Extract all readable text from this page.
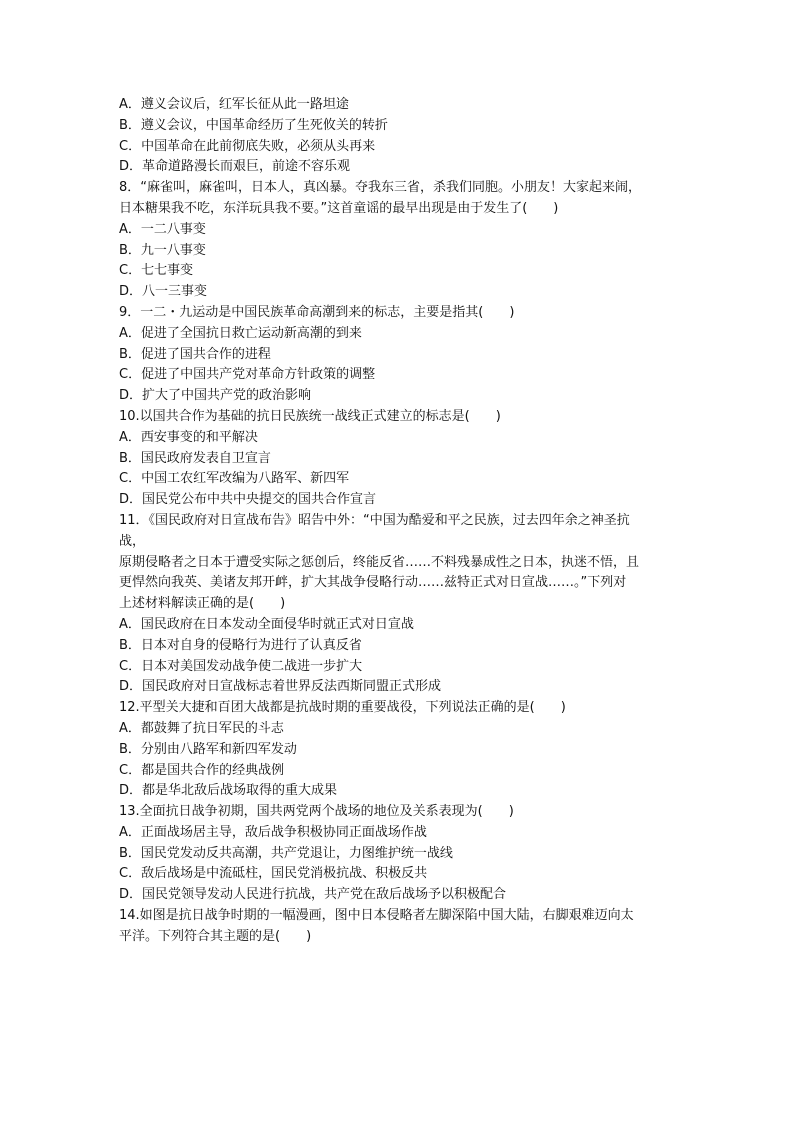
A．遵义会议后，红军长征从此一路坦途
B．遵义会议，中国革命经历了生死攸关的转折
C．中国革命在此前彻底失败，必须从头再来
D．革命道路漫长而艰巨，前途不容乐观
8．“麻雀叫，麻雀叫，日本人，真凶暴。夺我东三省，杀我们同胞。小朋友！大家起来闹，
日本糖果我不吃，东洋玩具我不要。”这首童谣的最早出现是由于发生了(　　)
A．一二八事变
B．九一八事变
C．七七事变
D．八一三事变
9．一二・九运动是中国民族革命高潮到来的标志，主要是指其(　　)
A．促进了全国抗日救亡运动新高潮的到来
B．促进了国共合作的进程
C．促进了中国共产党对革命方针政策的调整
D．扩大了中国共产党的政治影响
10.以国共合作为基础的抗日民族统一战线正式建立的标志是(　　)
A．西安事变的和平解决
B．国民政府发表自卫宣言
C．中国工农红军改编为八路军、新四军
D．国民党公布中共中央提交的国共合作宣言
11．《国民政府对日宣战布告》昭告中外：“中国为酷爱和平之民族，过去四年余之神圣抗
战，
原期侵略者之日本于遭受实际之惩创后，终能反省……不料残暴成性之日本，执迷不悟，且
更悍然向我英、美诸友邦开衅，扩大其战争侵略行动……兹特正式对日宣战……。”下列对
上述材料解读正确的是(　　)
A．国民政府在日本发动全面侵华时就正式对日宣战
B．日本对自身的侵略行为进行了认真反省
C．日本对美国发动战争使二战进一步扩大
D．国民政府对日宣战标志着世界反法西斯同盟正式形成
12.平型关大捷和百团大战都是抗战时期的重要战役，下列说法正确的是(　　)
A．都鼓舞了抗日军民的斗志
B．分别由八路军和新四军发动
C．都是国共合作的经典战例
D．都是华北敌后战场取得的重大成果
13.全面抗日战争初期，国共两党两个战场的地位及关系表现为(　　)
A．正面战场居主导，敌后战争积极协同正面战场作战
B．国民党发动反共高潮，共产党退让，力图维护统一战线
C．敌后战场是中流砥柱，国民党消极抗战、积极反共
D．国民党领导发动人民进行抗战，共产党在敌后战场予以积极配合
14.如图是抗日战争时期的一幅漫画，图中日本侵略者左脚深陷中国大陆，右脚艰难迈向太
平洋。下列符合其主题的是(　　)
